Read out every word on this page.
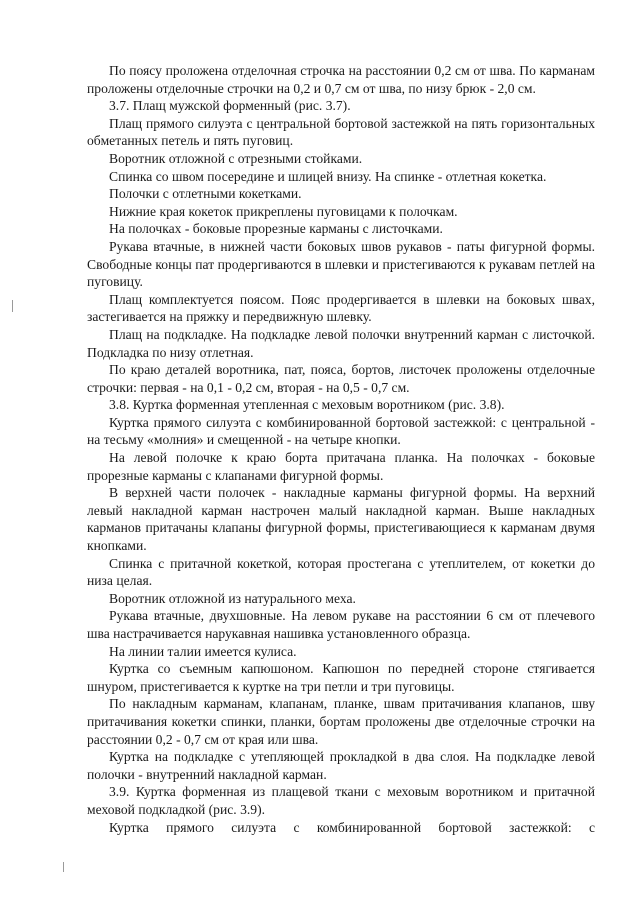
По поясу проложена отделочная строчка на расстоянии 0,2 см от шва. По карманам проложены отделочные строчки на 0,2 и 0,7 см от шва, по низу брюк - 2,0 см.

3.7. Плащ мужской форменный (рис. 3.7).

Плащ прямого силуэта с центральной бортовой застежкой на пять горизонтальных обметанных петель и пять пуговиц.

Воротник отложной с отрезными стойками.

Спинка со швом посередине и шлицей внизу. На спинке - отлетная кокетка.

Полочки с отлетными кокетками.

Нижние края кокеток прикреплены пуговицами к полочкам.

На полочках - боковые прорезные карманы с листочками.

Рукава втачные, в нижней части боковых швов рукавов - паты фигурной формы. Свободные концы пат продергиваются в шлевки и пристегиваются к рукавам петлей на пуговицу.

Плащ комплектуется поясом. Пояс продергивается в шлевки на боковых швах, застегивается на пряжку и передвижную шлевку.

Плащ на подкладке. На подкладке левой полочки внутренний карман с листочкой. Подкладка по низу отлетная.

По краю деталей воротника, пат, пояса, бортов, листочек проложены отделочные строчки: первая - на 0,1 - 0,2 см, вторая - на 0,5 - 0,7 см.

3.8. Куртка форменная утепленная с меховым воротником (рис. 3.8).

Куртка прямого силуэта с комбинированной бортовой застежкой: с центральной - на тесьму «молния» и смещенной - на четыре кнопки.

На левой полочке к краю борта притачана планка. На полочках - боковые прорезные карманы с клапанами фигурной формы.

В верхней части полочек - накладные карманы фигурной формы. На верхний левый накладной карман настрочен малый накладной карман. Выше накладных карманов притачаны клапаны фигурной формы, пристегивающиеся к карманам двумя кнопками.

Спинка с притачной кокеткой, которая простегана с утеплителем, от кокетки до низа целая.

Воротник отложной из натурального меха.

Рукава втачные, двухшовные. На левом рукаве на расстоянии 6 см от плечевого шва настрачивается нарукавная нашивка установленного образца.

На линии талии имеется кулиса.

Куртка со съемным капюшоном. Капюшон по передней стороне стягивается шнуром, пристегивается к куртке на три петли и три пуговицы.

По накладным карманам, клапанам, планке, швам притачивания клапанов, шву притачивания кокетки спинки, планки, бортам проложены две отделочные строчки на расстоянии 0,2 - 0,7 см от края или шва.

Куртка на подкладке с утепляющей прокладкой в два слоя. На подкладке левой полочки - внутренний накладной карман.

3.9. Куртка форменная из плащевой ткани с меховым воротником и притачной меховой подкладкой (рис. 3.9).

Куртка прямого силуэта с комбинированной бортовой застежкой: с
